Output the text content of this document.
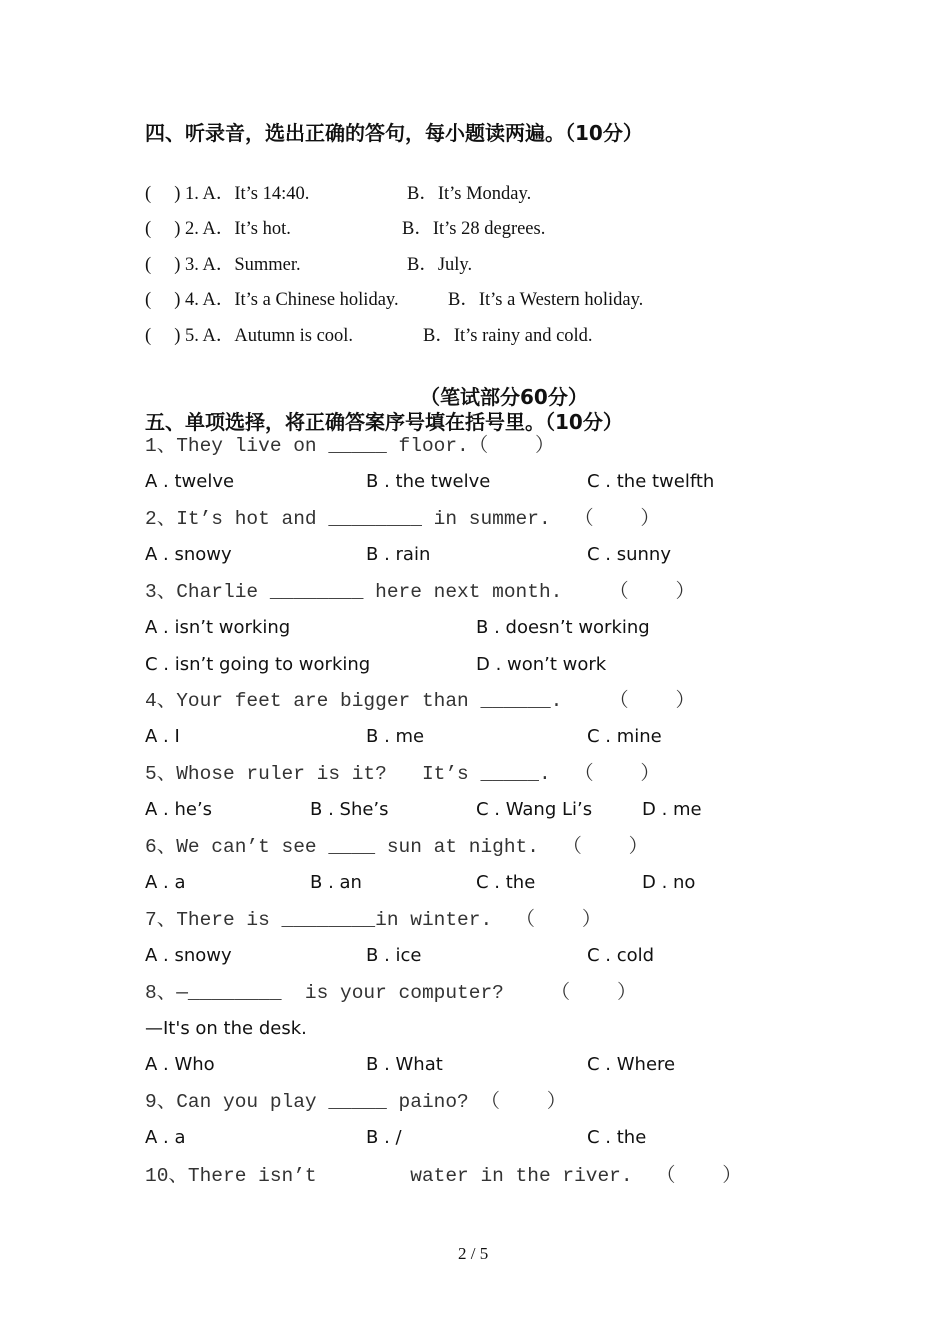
四、听录音，选出正确的答句，每小题读两遍。（10分）
（笔试部分60分）
五、单项选择，将正确答案序号填在括号里。（10分）
2 / 5
(     ) 1. A．It’s 14:40.	B．It’s Monday.
(     ) 2. A．It’s hot.	B．It’s 28 degrees.
(     ) 3. A．Summer.	B．July.
(     ) 4. A．It’s a Chinese holiday.	B．It’s a Western holiday.
(     ) 5. A．Autumn is cool.	B．It’s rainy and cold.
1、They live on _____ floor.（    ）
A . twelve	B . the twelve	C . the twelfth
2、It’s hot and ________ in summer.  （    ）
A . snowy	B . rain	C . sunny
3、Charlie ________ here next month.    （    ）
A . isn’t working	B . doesn’t working
C . isn’t going to working	D . won’t work
4、Your feet are bigger than ______.    （    ）
A . I	B . me	C . mine
5、Whose ruler is it?   It’s _____.  （    ）
A . he’s	B . She’s	C . Wang Li’s	D . me
6、We can’t see ____ sun at night.  （    ）
A . a	B . an	C . the	D . no
7、There is ________in winter.  （    ）
A . snowy	B . ice	C . cold
8、—________  is your computer?    （    ）
—It's on the desk.
A . Who	B . What	C . Where
9、Can you play _____ paino? （    ）
A . a	B . /	C . the
10、There isn’t        water in the river.  （    ）
